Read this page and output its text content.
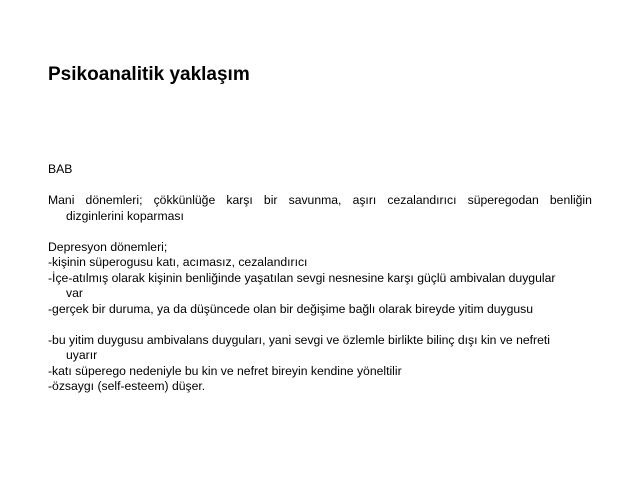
Psikoanalitik yaklaşım
BAB
Mani dönemleri; çökkünlüğe karşı bir savunma, aşırı cezalandırıcı süperegodan benliğin
dizginlerini koparması
Depresyon dönemleri;
-kişinin süperogusu katı, acımasız, cezalandırıcı
-İçe-atılmış olarak kişinin benliğinde yaşatılan sevgi nesnesine karşı güçlü ambivalan duygular
var
-gerçek bir duruma, ya da düşüncede olan bir değişime bağlı olarak bireyde yitim duygusu
-bu yitim duygusu ambivalans duyguları, yani sevgi ve özlemle birlikte bilinç dışı kin ve nefreti
uyarır
-katı süperego nedeniyle bu kin ve nefret bireyin kendine yöneltilir
-özsaygı (self-esteem) düşer.
